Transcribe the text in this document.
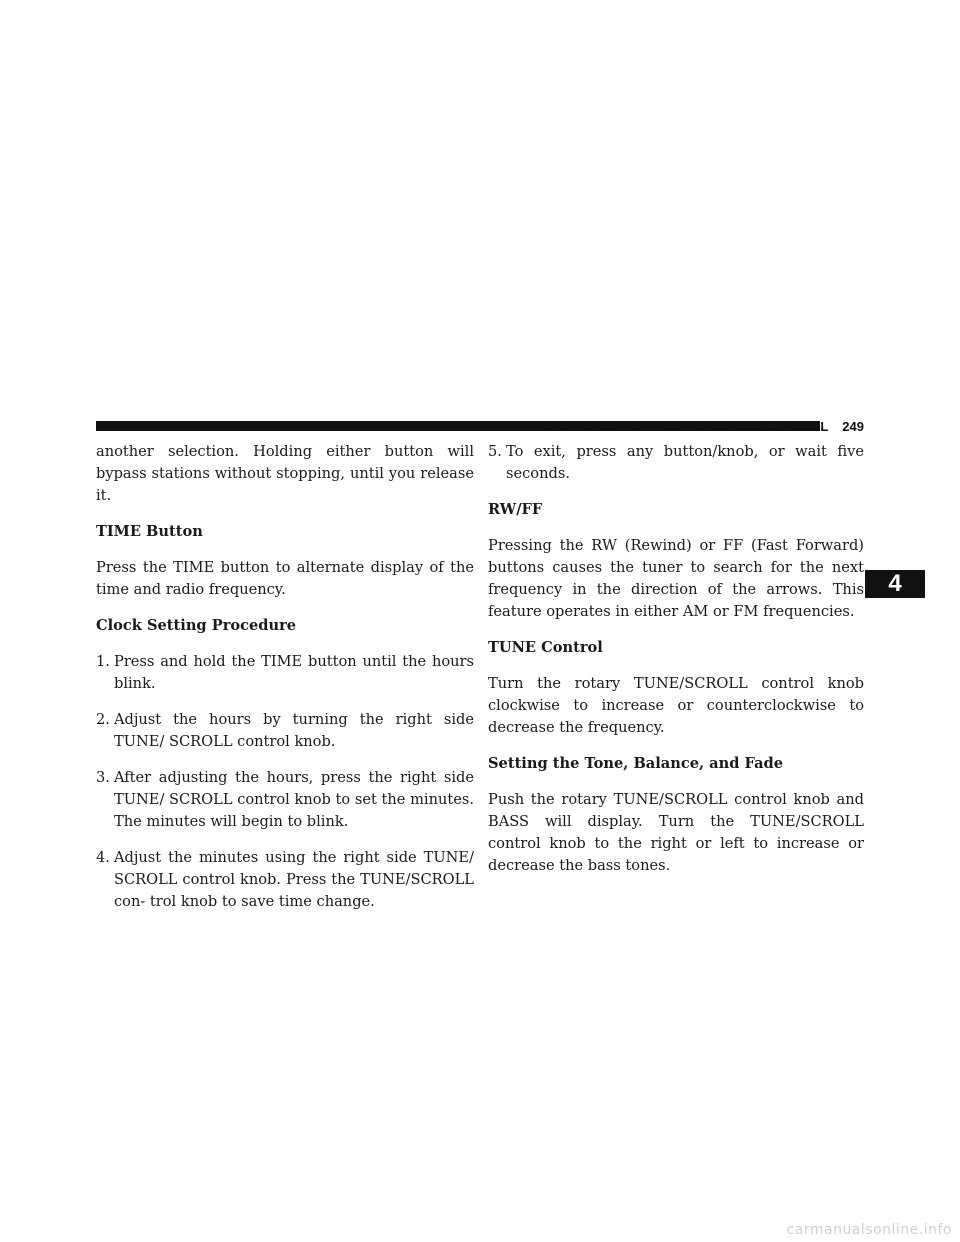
UNDERSTANDING YOUR INSTRUMENT PANEL 249

another selection. Holding either button will bypass stations without stopping, until you release it.

TIME Button

Press the TIME button to alternate display of the time and radio frequency.

Clock Setting Procedure
1. Press and hold the TIME button until the hours blink.
2. Adjust the hours by turning the right side TUNE/ SCROLL control knob.
3. After adjusting the hours, press the right side TUNE/ SCROLL control knob to set the minutes. The minutes will begin to blink.
4. Adjust the minutes using the right side TUNE/ SCROLL control knob. Press the TUNE/SCROLL con- trol knob to save time change.
5. To exit, press any button/knob, or wait five seconds.
RW/FF

Pressing the RW (Rewind) or FF (Fast Forward) buttons causes the tuner to search for the next frequency in the direction of the arrows. This feature operates in either AM or FM frequencies.

TUNE Control

Turn the rotary TUNE/SCROLL control knob clockwise to increase or counterclockwise to decrease the frequency.

Setting the Tone, Balance, and Fade

Push the rotary TUNE/SCROLL control knob and BASS will display. Turn the TUNE/SCROLL control knob to the right or left to increase or decrease the bass tones.

4
carmanualsonline.info
